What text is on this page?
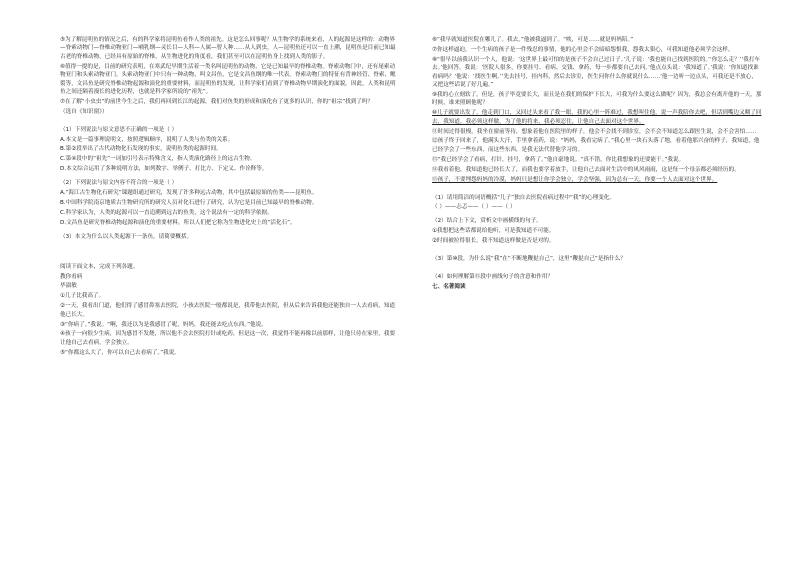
⑤为了解昆明鱼的情况之后，有的科学家将昆明鱼看作人类的祖先。这是怎么回事呢？从生物学的系统来看，人的起源是这样的：动物界—脊索动物门—脊椎动物亚门—哺乳纲—灵长目—人科—人属—智人种……从人到虫，人—昆明鱼还可以一直上溯，昆明鱼是目前已知最古老的脊椎动物，已经具有原始的脊椎。从生物进化的角度看，我们甚至可以在昆明鱼身上找到人类的影子。

⑥值得一提的是，目前的研究表明，在寒武纪早期生活着一类名叫昆明鱼的动物，它是已知最早的脊椎动物。脊索动物门中，还有尾索动物亚门和头索动物亚门。头索动物亚门中只有一种动物，叫文昌鱼，它是文昌鱼纲的唯一代表。脊索动物门的特征有背神经管、脊索、鳃裂等，文昌鱼是研究脊椎动物起源和演化的重要材料，而昆明鱼的发现，让科学家们看到了脊椎动物早期演化的面貌。因此，人类和昆明鱼之间还隔着漫长的进化历程，也就是科学家所说的“祖先”。

⑦在了解“小虫虫”的前世今生之后，我们再回到长江的起源，我们对鱼类的形成和演化有了更多的认识，你的“祖宗”找到了吗？

（选自《知识窗》）

（1）下列说法与原文意思不正确的一项是（ ）

A.本文是一篇事理说明文，按照逻辑顺序，说明了人类与鱼类的关系。

B.第②段举出了古代动物化石发现的事实，说明鱼类的起源时间。

C.第④段中的“祖先”一词加引号表示特殊含义，指人类演化路径上的远古生物。

D.本文综合运用了多种说明方法，如列数字、举例子、打比方、下定义、作诠释等。

（2）下列说法与原文内容不符合的一项是（ ）

A.“海江古生物化石研究”课题组通过研究，发现了许多种远古动物，其中包括最原始的鱼类——昆明鱼。

B.中国科学院南京地质古生物研究所的研究人员对化石进行了研究，认为它是目前已知最早的脊椎动物。

C.科学家认为，人类的起源可以一直追溯到远古的鱼类，这个说法有一定的科学依据。

D.文昌鱼是研究脊椎动物起源和演化的重要材料，所以人们把它称为生物进化史上的“活化石”。

（3）本文为什么以人类起源于一条鱼，请简要概括。

阅读下面文本，完成下列各题。

教你看病

毕淑敏

①儿子比我高了。

②一天，我看出门道，他们得了感冒鼻塞去医院，小孩去医院一般都说是，我带他去医院，但从后来告诉我他还能独自一人去看病，知道他已长大。

③“你病了。”我说。“啊，我还以为是我感冒了呢，妈妈，我还能去吃点东西。”他说。

④孩子一向很少生病，因为感冒不发烧，所以他不会去医院打针或吃药，但是这一次，我觉得不能再像以前那样，让他只待在家里，我要让他自己去看病，学会独立。

⑤“你都这么大了，你可以自己去看病了。”我说。

⑥“我早就知道医院在哪儿了。我去。”他被我逼到了。“唉，可是……就是妈妈陪。”

⑦你这样逼迫，一个生病的孩子是一件残忍的事情，他的心里会不会暗暗怨恨我，怨我太狠心，可我知道他必须学会这样。

⑧“很早以前我认识一个人，他说：‘这世界上最可怕的是孩子不会自己过日子。’儿子说：‘我也能自己找到医院的。’‘你怎么走？’‘我打车去。’他回答。我说：‘医院人很多，你要挂号、看病、交钱、拿药，每一步都要自己去问。’他点点头说：‘我知道了。’我说：‘你知道找谁看病吗？’他说：‘找医生啊。’‘先去挂号，挂内科，然后去诊室，医生问你什么你就说什么……’他一边听一边点头，可我还是不放心，又把这些话说了好几遍。”

⑨我的心立刻软了。但是，孩子毕竟要长大，而且是在我们的保护下长大，可我为什么要这么做呢？因为，我总会有离开他的一天，那时候，谁来照顾他呢？

⑩儿子就要出发了。他走到门口，又回过头来看了我一眼，我的心里一阵难过，我想叫住他，说一声我陪你去吧，但话到嘴边又咽了回去，我知道，我必须这样做，为了他的将来，我必须忍住，让他自己去面对这个世界。

⑪时间过得很慢，我坐在窗前等待，想象着他在医院里的样子，他会不会找不到诊室，会不会不知道怎么跟医生说，会不会害怕……

⑫孩子终于回来了，他满头大汗，手里拿着药，说：“妈妈，我看完病了。”我心里一块石头落了地，看着他那兴奋的样子，我知道，他已经学会了一些东西，而这些东西，是我无法代替他学习的。

⑬“我已经学会了看病，打针，挂号，拿药了。”他自豪地说。“真不错，你比我想象的还要能干。”我说。

⑭我看着他，我知道他已经长大了，而我也要学着放手，让他自己去面对生活中的风风雨雨，这是每一个母亲都必须经历的。

⑮孩子，不要埋怨妈妈的冷漠，妈妈只是想让你学会独立，学会坚强，因为总有一天，你要一个人去面对这个世界。

（1）请用简洁的词语概括“儿子”独自去医院看病过程中“我”的心理变化。

（ ）——忐忑——（ ）——（ ）

（2）结合上下文，赏析文中画横线的句子。

①我想把这些话都说给他听，可是我知道不可能。

②时间被拉得很长，我不知道这样做是否是对的。

（3）第⑩段，为什么说“我”在“不断地鞭挞自己”，这里“鞭挞自己”是指什么？

（4）如何理解第⑮段中画线句子的含意和作用？

七、名著阅读
